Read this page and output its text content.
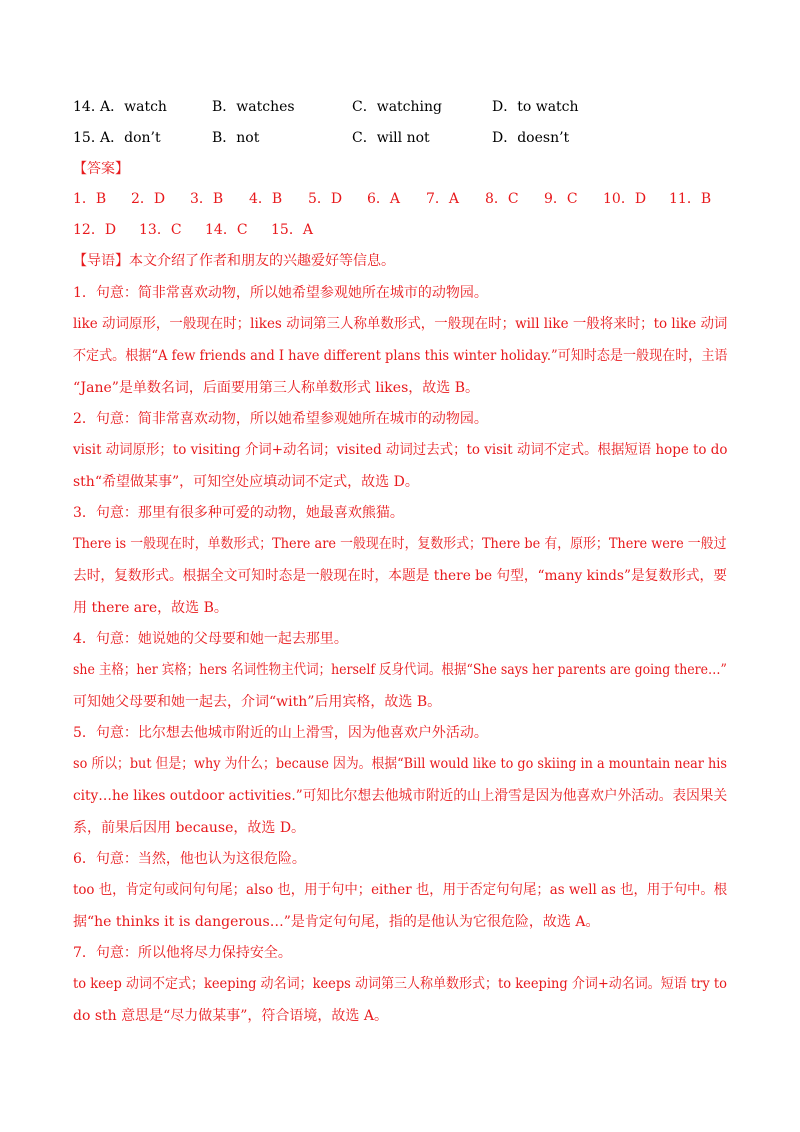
14．
A．watch	B．watches	C．watching	D．to watch
15．
A．don’t	B．not	C．will not	D．doesn’t
【答案】
1．B 2．D 3．B 4．B 5．D 6．A 7．A 8．C 9．C 10．D 11．B
12．D 13．C 14．C 15．A
【导语】本文介绍了作者和朋友的兴趣爱好等信息。
1．句意：简非常喜欢动物，所以她希望参观她所在城市的动物园。
like 动词原形，一般现在时；likes 动词第三人称单数形式，一般现在时；will like 一般将来时；to like 动词
不定式。根据“A few friends and I have different plans this winter holiday.”可知时态是一般现在时，主语
“Jane”是单数名词，后面要用第三人称单数形式 likes，故选 B。
2．句意：简非常喜欢动物，所以她希望参观她所在城市的动物园。
visit 动词原形；to visiting 介词+动名词；visited 动词过去式；to visit 动词不定式。根据短语 hope to do
sth“希望做某事”，可知空处应填动词不定式，故选 D。
3．句意：那里有很多种可爱的动物，她最喜欢熊猫。
There is 一般现在时，单数形式；There are 一般现在时，复数形式；There be 有，原形；There were 一般过
去时，复数形式。根据全文可知时态是一般现在时，本题是 there be 句型，“many kinds”是复数形式，要
用 there are，故选 B。
4．句意：她说她的父母要和她一起去那里。
she 主格；her 宾格；hers 名词性物主代词；herself 反身代词。根据“She says her parents are going there…”
可知她父母要和她一起去，介词“with”后用宾格，故选 B。
5．句意：比尔想去他城市附近的山上滑雪，因为他喜欢户外活动。
so 所以；but 但是；why 为什么；because 因为。根据“Bill would like to go skiing in a mountain near his
city…he likes outdoor activities.”可知比尔想去他城市附近的山上滑雪是因为他喜欢户外活动。表因果关
系，前果后因用 because，故选 D。
6．句意：当然，他也认为这很危险。
too 也，肯定句或问句句尾；also 也，用于句中；either 也，用于否定句句尾；as well as 也，用于句中。根
据“he thinks it is dangerous…”是肯定句句尾，指的是他认为它很危险，故选 A。
7．句意：所以他将尽力保持安全。
to keep 动词不定式；keeping 动名词；keeps 动词第三人称单数形式；to keeping 介词+动名词。短语 try to
do sth 意思是“尽力做某事”，符合语境，故选 A。
